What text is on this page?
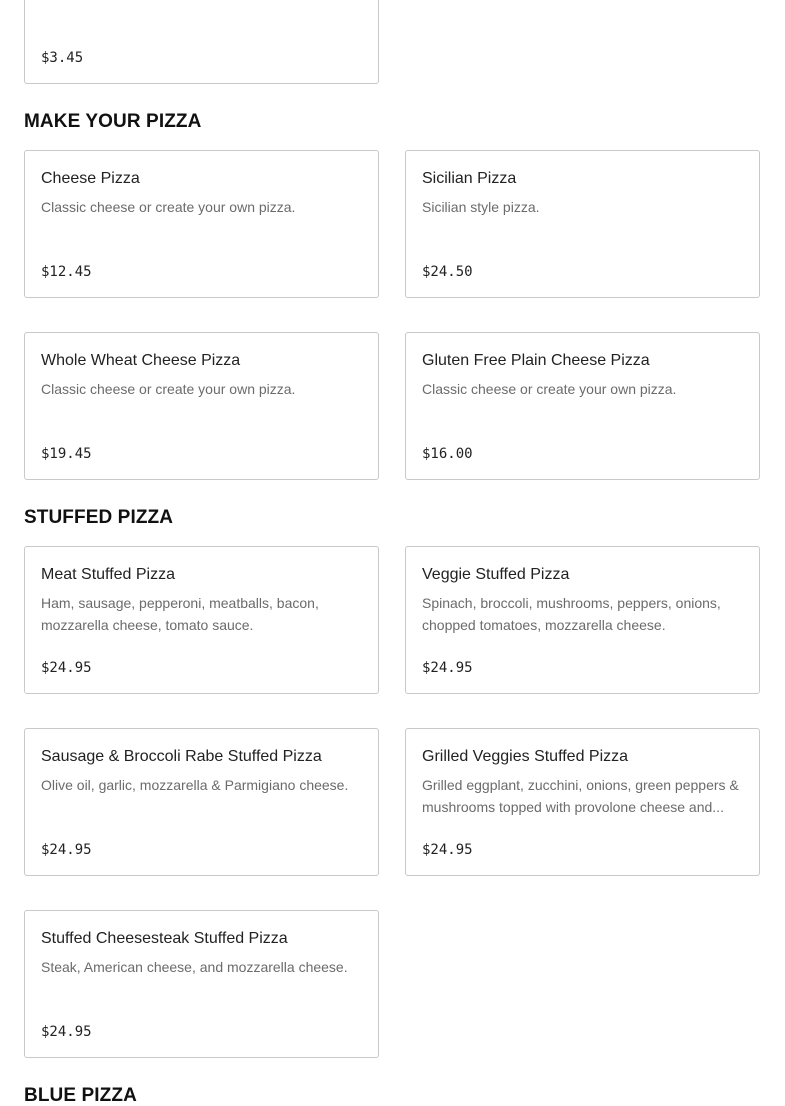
$3.45
MAKE YOUR PIZZA
Cheese Pizza
Classic cheese or create your own pizza.
$12.45
Sicilian Pizza
Sicilian style pizza.
$24.50
Whole Wheat Cheese Pizza
Classic cheese or create your own pizza.
$19.45
Gluten Free Plain Cheese Pizza
Classic cheese or create your own pizza.
$16.00
STUFFED PIZZA
Meat Stuffed Pizza
Ham, sausage, pepperoni, meatballs, bacon, mozzarella cheese, tomato sauce.
$24.95
Veggie Stuffed Pizza
Spinach, broccoli, mushrooms, peppers, onions, chopped tomatoes, mozzarella cheese.
$24.95
Sausage & Broccoli Rabe Stuffed Pizza
Olive oil, garlic, mozzarella & Parmigiano cheese.
$24.95
Grilled Veggies Stuffed Pizza
Grilled eggplant, zucchini, onions, green peppers & mushrooms topped with provolone cheese and...
$24.95
Stuffed Cheesesteak Stuffed Pizza
Steak, American cheese, and mozzarella cheese.
$24.95
BLUE PIZZA
